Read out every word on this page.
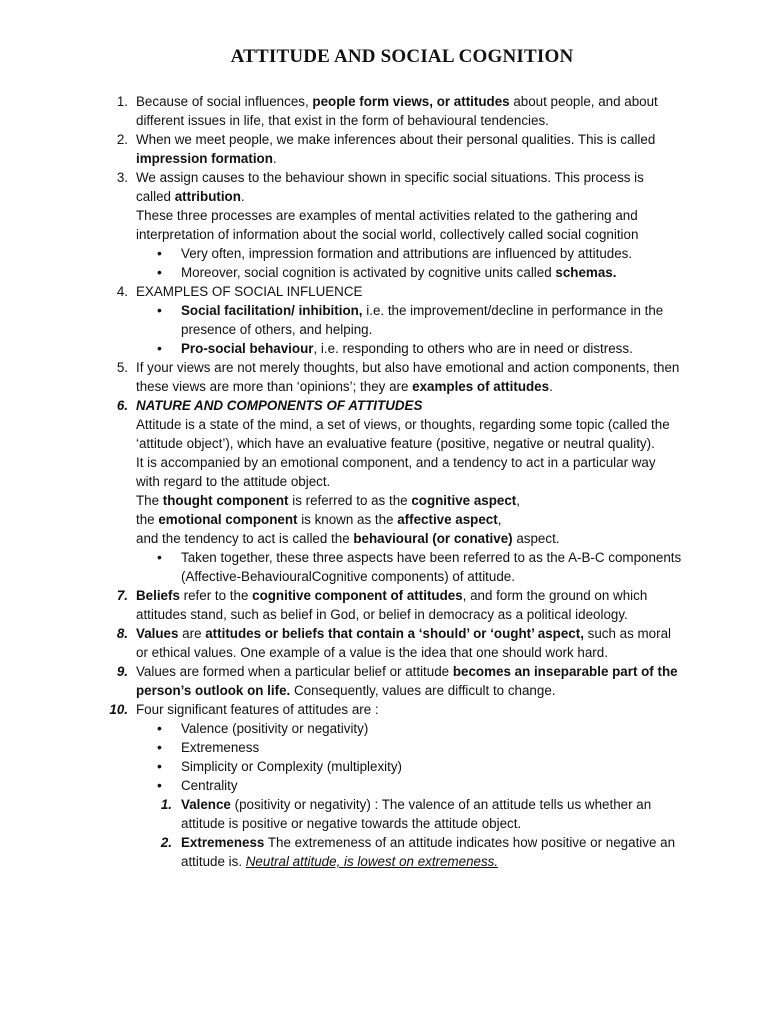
ATTITUDE AND SOCIAL COGNITION
1. Because of social influences, people form views, or attitudes about people, and about different issues in life, that exist in the form of behavioural tendencies.
2. When we meet people, we make inferences about their personal qualities. This is called impression formation.
3. We assign causes to the behaviour shown in specific social situations. This process is called attribution.
These three processes are examples of mental activities related to the gathering and interpretation of information about the social world, collectively called social cognition
• Very often, impression formation and attributions are influenced by attitudes.
• Moreover, social cognition is activated by cognitive units called schemas.
4. EXAMPLES OF SOCIAL INFLUENCE
• Social facilitation/ inhibition, i.e. the improvement/decline in performance in the presence of others, and helping.
• Pro-social behaviour, i.e. responding to others who are in need or distress.
5. If your views are not merely thoughts, but also have emotional and action components, then these views are more than ‘opinions’; they are examples of attitudes.
6. NATURE AND COMPONENTS OF ATTITUDES
Attitude is a state of the mind, a set of views, or thoughts, regarding some topic (called the ‘attitude object’), which have an evaluative feature (positive, negative or neutral quality).
It is accompanied by an emotional component, and a tendency to act in a particular way with regard to the attitude object.
The thought component is referred to as the cognitive aspect,
the emotional component is known as the affective aspect,
and the tendency to act is called the behavioural (or conative) aspect.
• Taken together, these three aspects have been referred to as the A-B-C components (Affective-BehaviouralCognitive components) of attitude.
7. Beliefs refer to the cognitive component of attitudes, and form the ground on which attitudes stand, such as belief in God, or belief in democracy as a political ideology.
8. Values are attitudes or beliefs that contain a ‘should’ or ‘ought’ aspect, such as moral or ethical values. One example of a value is the idea that one should work hard.
9. Values are formed when a particular belief or attitude becomes an inseparable part of the person’s outlook on life. Consequently, values are difficult to change.
10. Four significant features of attitudes are :
• Valence (positivity or negativity)
• Extremeness
• Simplicity or Complexity (multiplexity)
• Centrality
1. Valence (positivity or negativity) : The valence of an attitude tells us whether an attitude is positive or negative towards the attitude object.
2. Extremeness The extremeness of an attitude indicates how positive or negative an attitude is. Neutral attitude, is lowest on extremeness.
